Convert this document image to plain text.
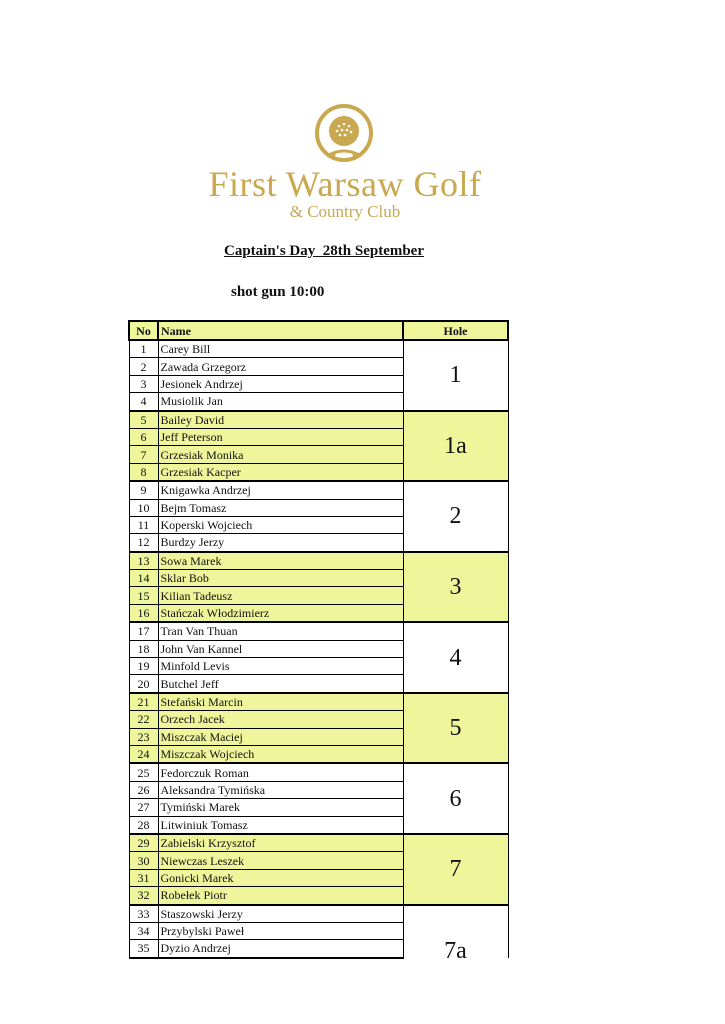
First Warsaw Golf
& Country Club
Captain's Day  28th September
shot gun 10:00
No	Name	Hole
1	Carey Bill	1
2	Zawada Grzegorz	
3	Jesionek Andrzej	
4	Musiolik Jan	
5	Bailey David	1a
6	Jeff Peterson	
7	Grzesiak Monika	
8	Grzesiak Kacper	
9	Knigawka Andrzej	2
10	Bejm Tomasz	
11	Koperski Wojciech	
12	Burdzy Jerzy	
13	Sowa Marek	3
14	Sklar Bob	
15	Kilian Tadeusz	
16	Stańczak Włodzimierz	
17	Tran Van Thuan	4
18	John Van Kannel	
19	Minfold Levis	
20	Butchel Jeff	
21	Stefański Marcin	5
22	Orzech Jacek	
23	Miszczak Maciej	
24	Miszczak Wojciech	
25	Fedorczuk Roman	6
26	Aleksandra Tymińska	
27	Tymiński Marek	
28	Litwiniuk Tomasz	
29	Zabielski Krzysztof	7
30	Niewczas Leszek	
31	Gonicki Marek	
32	Robełek Piotr	
33	Staszowski Jerzy	7a
34	Przybylski Paweł	
35	Dyzio Andrzej	
